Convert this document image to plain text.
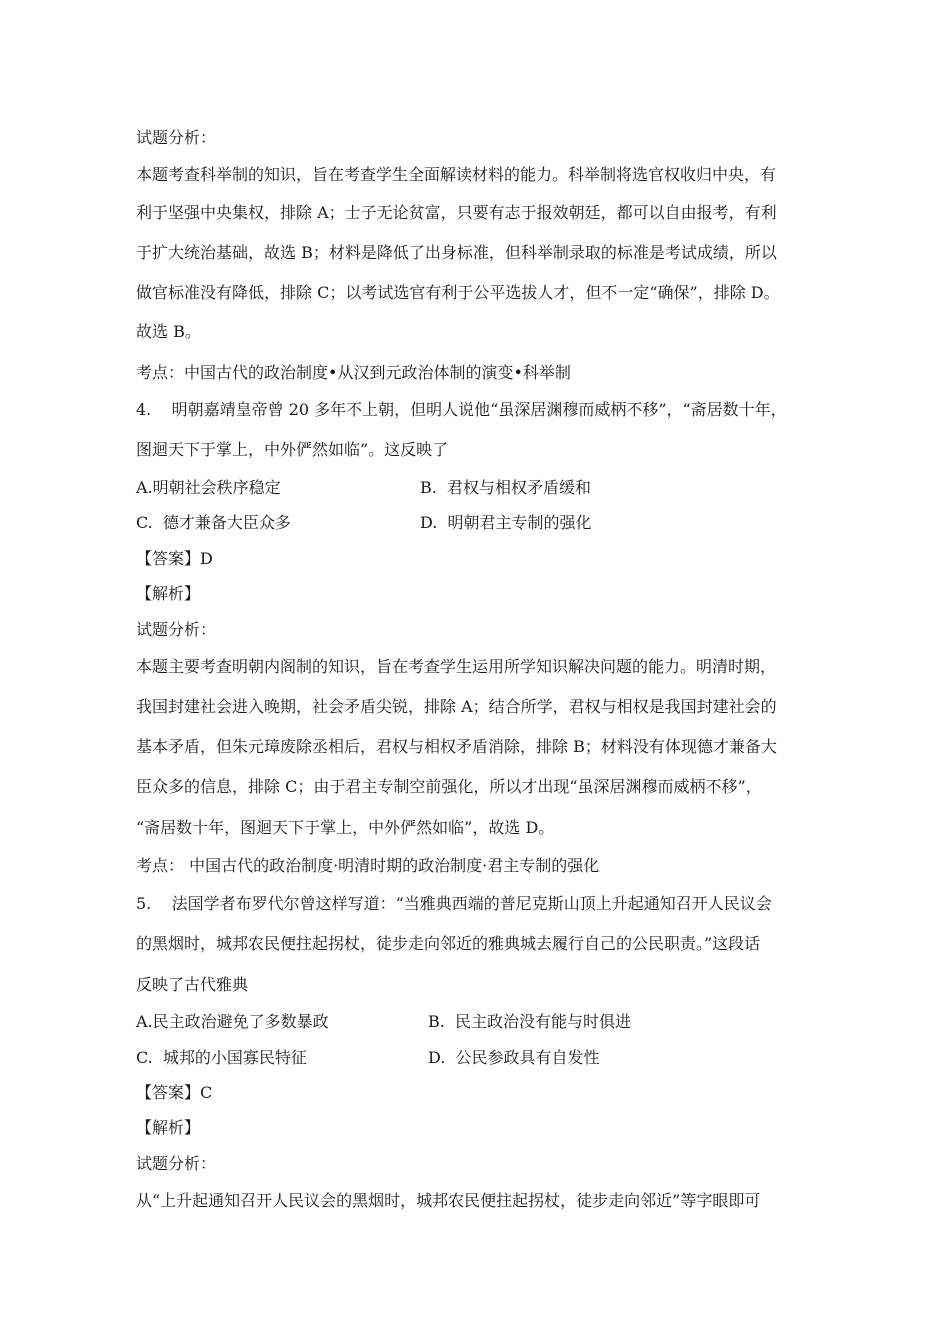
试题分析：
本题考查科举制的知识，旨在考查学生全面解读材料的能力。科举制将选官权收归中央，有
利于坚强中央集权，排除 A；士子无论贫富，只要有志于报效朝廷，都可以自由报考，有利
于扩大统治基础，故选 B；材料是降低了出身标准，但科举制录取的标准是考试成绩，所以
做官标准没有降低，排除 C；以考试选官有利于公平选拔人才，但不一定“确保”，排除 D。
故选 B。
考点：中国古代的政治制度•从汉到元政治体制的演变•科举制
4.    明朝嘉靖皇帝曾 20 多年不上朝，但明人说他“虽深居渊穆而威柄不移”，“斋居数十年，
图迴天下于掌上，中外俨然如临”。这反映了
A.明朝社会秩序稳定	B.  君权与相权矛盾缓和
C.  德才兼备大臣众多	D.  明朝君主专制的强化
【答案】D
【解析】
试题分析：
本题主要考查明朝内阁制的知识，旨在考查学生运用所学知识解决问题的能力。明清时期，
我国封建社会进入晚期，社会矛盾尖锐，排除 A；结合所学，君权与相权是我国封建社会的
基本矛盾，但朱元璋废除丞相后，君权与相权矛盾消除，排除 B；材料没有体现德才兼备大
臣众多的信息，排除 C；由于君主专制空前强化，所以才出现“虽深居渊穆而威柄不移”，
“斋居数十年，图迴天下于掌上，中外俨然如临”，故选 D。
考点： 中国古代的政治制度·明清时期的政治制度·君主专制的强化
5.    法国学者布罗代尔曾这样写道：“当雅典西端的普尼克斯山顶上升起通知召开人民议会
的黑烟时，城邦农民便拄起拐杖，徒步走向邻近的雅典城去履行自己的公民职责。”这段话
反映了古代雅典
A.民主政治避免了多数暴政	B.  民主政治没有能与时俱进
C.  城邦的小国寡民特征	D.  公民参政具有自发性
【答案】C
【解析】
试题分析：
从“上升起通知召开人民议会的黑烟时，城邦农民便拄起拐杖，徒步走向邻近”等字眼即可
